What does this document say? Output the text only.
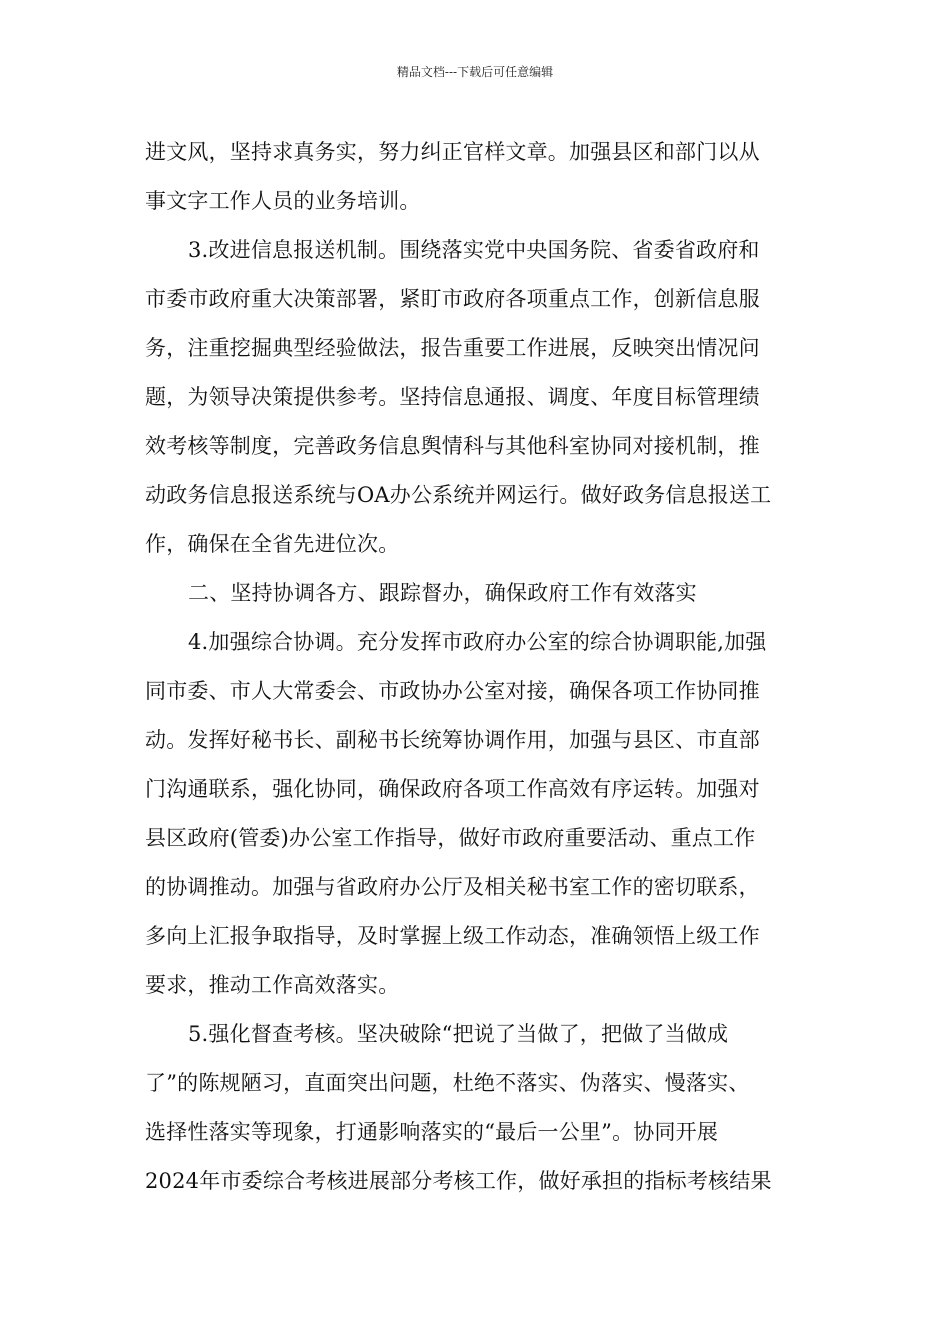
精品文档---下载后可任意编辑
进文风，坚持求真务实，努力纠正官样文章。加强县区和部门以从
事文字工作人员的业务培训。
3.改进信息报送机制。围绕落实党中央国务院、省委省政府和
市委市政府重大决策部署，紧盯市政府各项重点工作，创新信息服
务，注重挖掘典型经验做法，报告重要工作进展，反映突出情况问
题，为领导决策提供参考。坚持信息通报、调度、年度目标管理绩
效考核等制度，完善政务信息舆情科与其他科室协同对接机制，推
动政务信息报送系统与OA办公系统并网运行。做好政务信息报送工
作，确保在全省先进位次。
二、坚持协调各方、跟踪督办，确保政府工作有效落实
4.加强综合协调。充分发挥市政府办公室的综合协调职能,加强
同市委、市人大常委会、市政协办公室对接，确保各项工作协同推
动。发挥好秘书长、副秘书长统筹协调作用，加强与县区、市直部
门沟通联系，强化协同，确保政府各项工作高效有序运转。加强对
县区政府(管委)办公室工作指导，做好市政府重要活动、重点工作
的协调推动。加强与省政府办公厅及相关秘书室工作的密切联系，
多向上汇报争取指导，及时掌握上级工作动态，准确领悟上级工作
要求，推动工作高效落实。
5.强化督查考核。坚决破除“把说了当做了，把做了当做成
了”的陈规陋习，直面突出问题，杜绝不落实、伪落实、慢落实、
选择性落实等现象，打通影响落实的“最后一公里”。协同开展
2024年市委综合考核进展部分考核工作，做好承担的指标考核结果
